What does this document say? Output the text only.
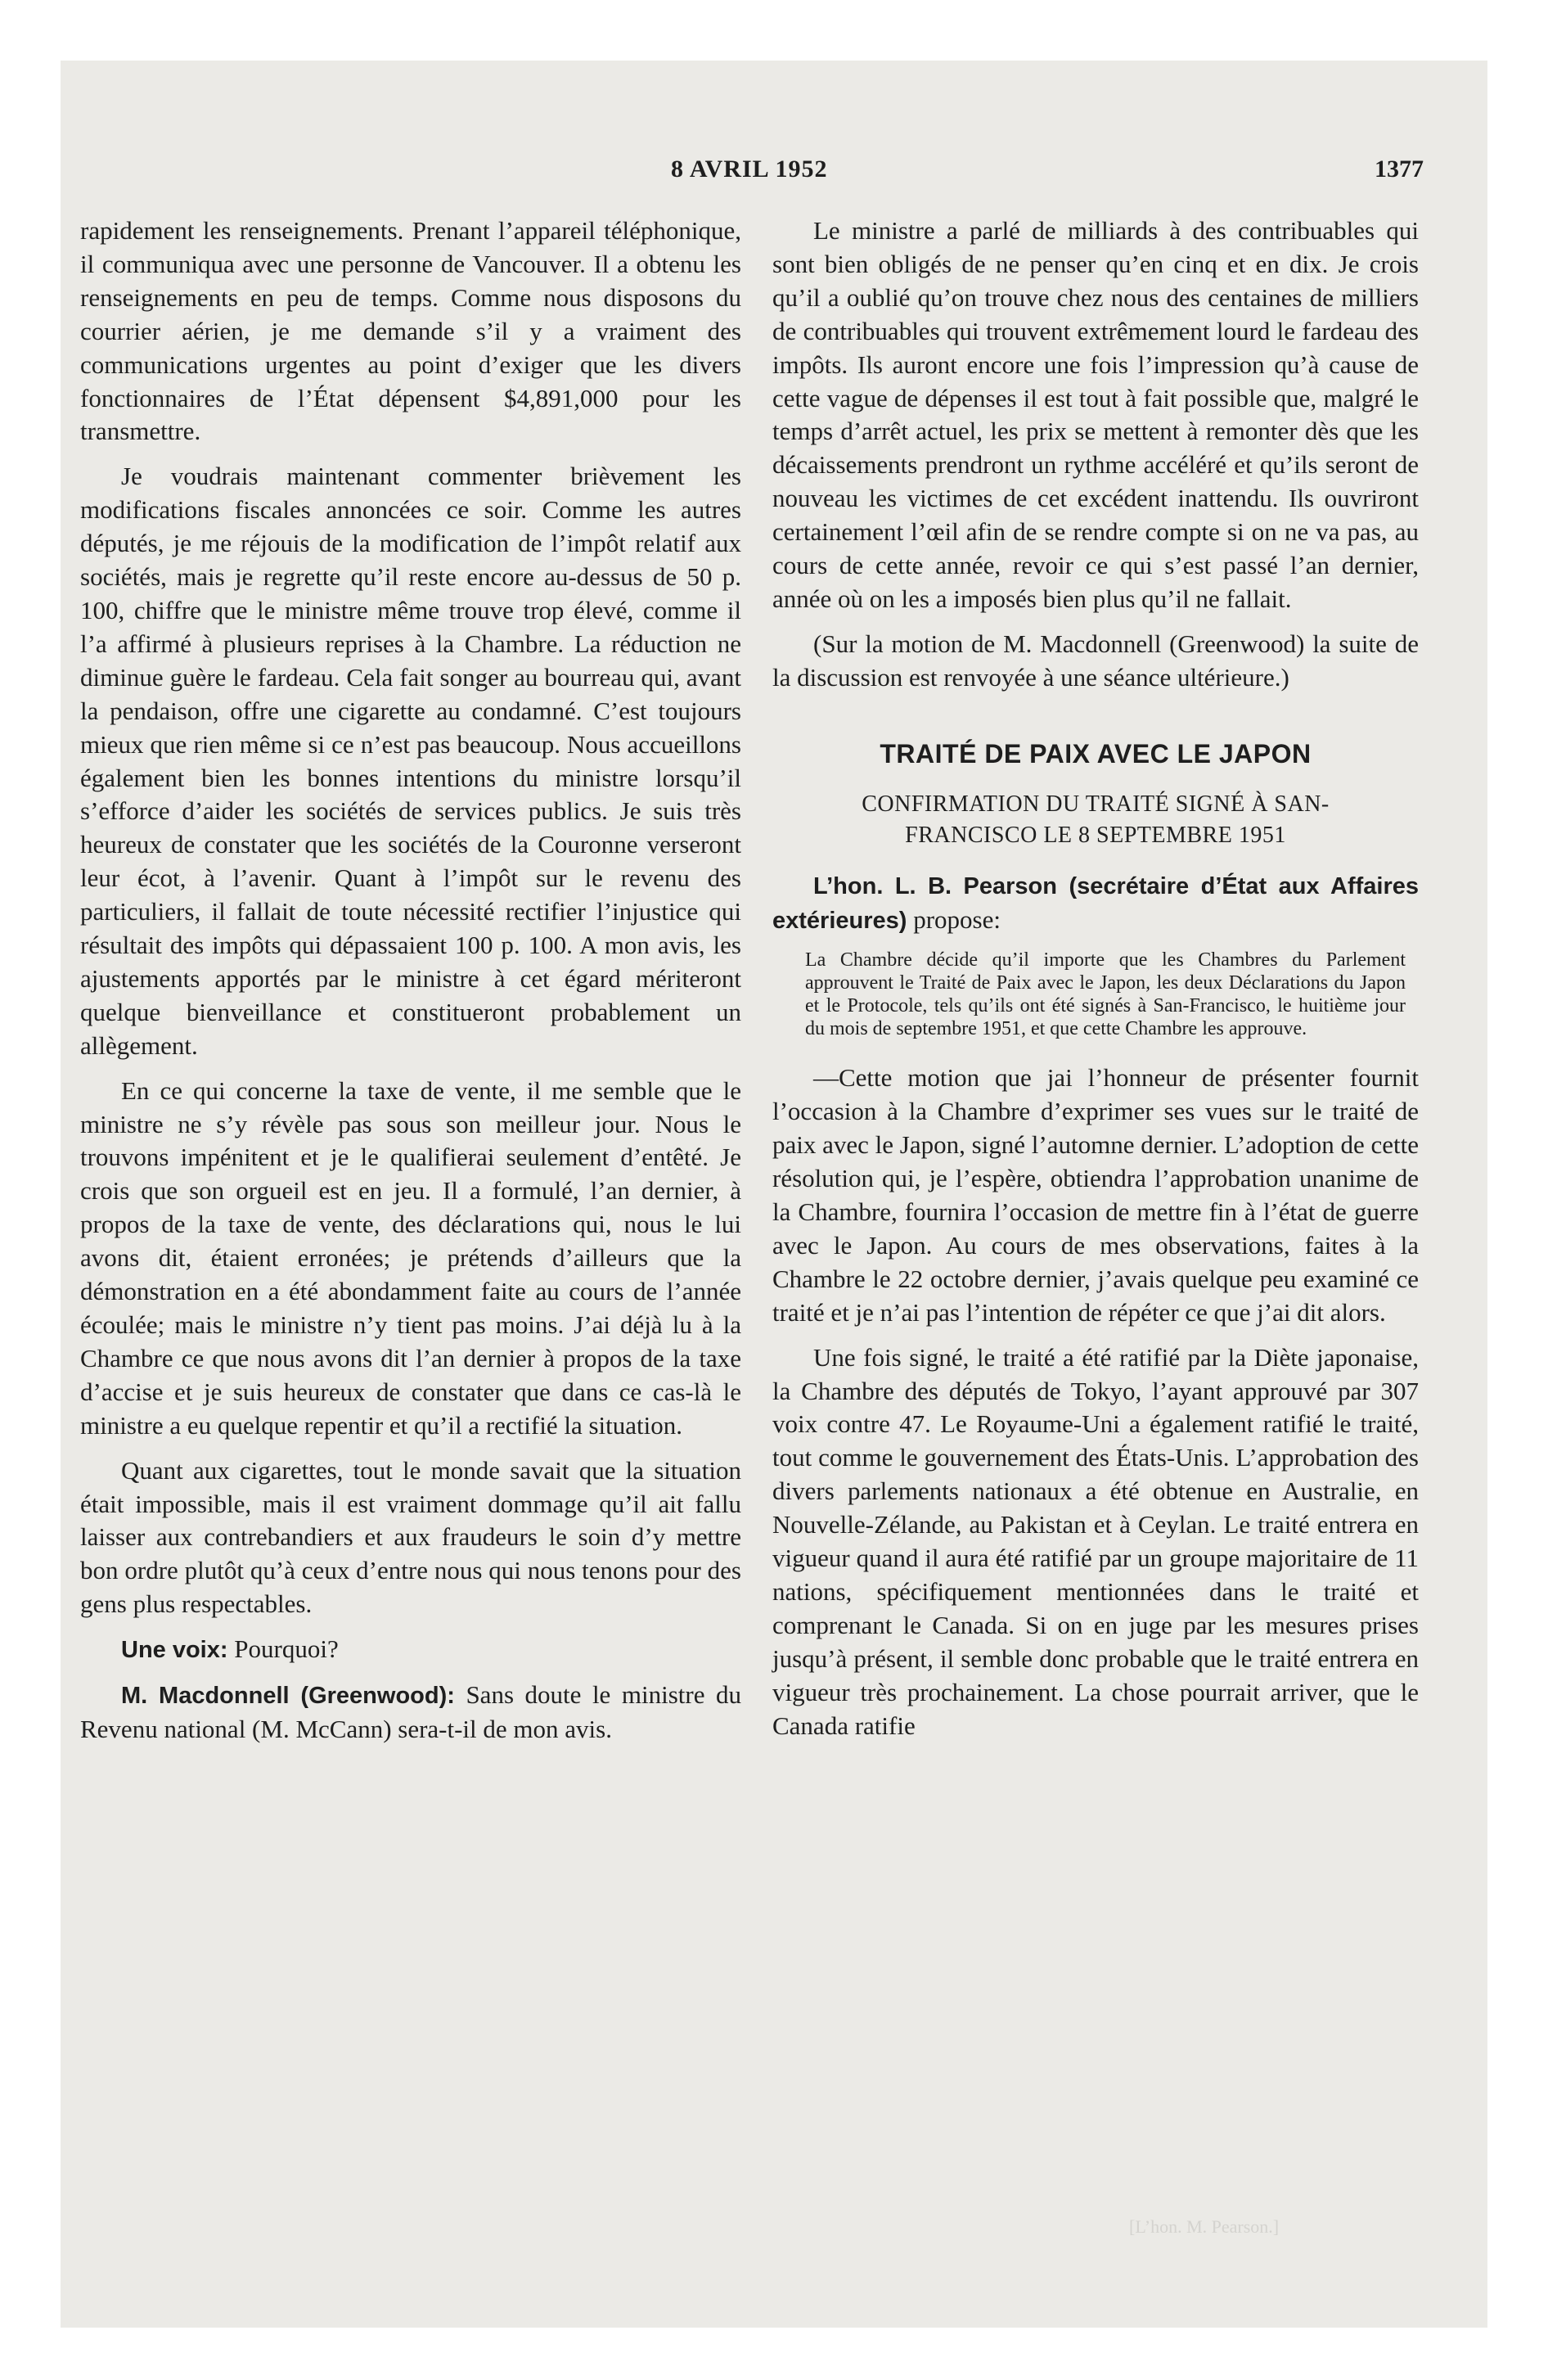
8 AVRIL 1952	1377

rapidement les renseignements. Prenant l’appareil téléphonique, il communiqua avec une personne de Vancouver. Il a obtenu les renseignements en peu de temps. Comme nous disposons du courrier aérien, je me demande s’il y a vraiment des communications urgentes au point d’exiger que les divers fonctionnaires de l’État dépensent $4,891,000 pour les transmettre.

Je voudrais maintenant commenter brièvement les modifications fiscales annoncées ce soir. Comme les autres députés, je me réjouis de la modification de l’impôt relatif aux sociétés, mais je regrette qu’il reste encore au-dessus de 50 p. 100, chiffre que le ministre même trouve trop élevé, comme il l’a affirmé à plusieurs reprises à la Chambre. La réduction ne diminue guère le fardeau. Cela fait songer au bourreau qui, avant la pendaison, offre une cigarette au condamné. C’est toujours mieux que rien même si ce n’est pas beaucoup. Nous accueillons également bien les bonnes intentions du ministre lorsqu’il s’efforce d’aider les sociétés de services publics. Je suis très heureux de constater que les sociétés de la Couronne verseront leur écot, à l’avenir. Quant à l’impôt sur le revenu des particuliers, il fallait de toute nécessité rectifier l’injustice qui résultait des impôts qui dépassaient 100 p. 100. A mon avis, les ajustements apportés par le ministre à cet égard mériteront quelque bienveillance et constitueront probablement un allègement.

En ce qui concerne la taxe de vente, il me semble que le ministre ne s’y révèle pas sous son meilleur jour. Nous le trouvons impénitent et je le qualifierai seulement d’entêté. Je crois que son orgueil est en jeu. Il a formulé, l’an dernier, à propos de la taxe de vente, des déclarations qui, nous le lui avons dit, étaient erronées; je prétends d’ailleurs que la démonstration en a été abondamment faite au cours de l’année écoulée; mais le ministre n’y tient pas moins. J’ai déjà lu à la Chambre ce que nous avons dit l’an dernier à propos de la taxe d’accise et je suis heureux de constater que dans ce cas-là le ministre a eu quelque repentir et qu’il a rectifié la situation.

Quant aux cigarettes, tout le monde savait que la situation était impossible, mais il est vraiment dommage qu’il ait fallu laisser aux contrebandiers et aux fraudeurs le soin d’y mettre bon ordre plutôt qu’à ceux d’entre nous qui nous tenons pour des gens plus respectables.

Une voix: Pourquoi?

M. Macdonnell (Greenwood): Sans doute le ministre du Revenu national (M. McCann) sera-t-il de mon avis.

Le ministre a parlé de milliards à des contribuables qui sont bien obligés de ne penser qu’en cinq et en dix. Je crois qu’il a oublié qu’on trouve chez nous des centaines de milliers de contribuables qui trouvent extrêmement lourd le fardeau des impôts. Ils auront encore une fois l’impression qu’à cause de cette vague de dépenses il est tout à fait possible que, malgré le temps d’arrêt actuel, les prix se mettent à remonter dès que les décaissements prendront un rythme accéléré et qu’ils seront de nouveau les victimes de cet excédent inattendu. Ils ouvriront certainement l’œil afin de se rendre compte si on ne va pas, au cours de cette année, revoir ce qui s’est passé l’an dernier, année où on les a imposés bien plus qu’il ne fallait.

(Sur la motion de M. Macdonnell (Greenwood) la suite de la discussion est renvoyée à une séance ultérieure.)

TRAITÉ DE PAIX AVEC LE JAPON
CONFIRMATION DU TRAITÉ SIGNÉ À SAN-FRANCISCO LE 8 SEPTEMBRE 1951

L’hon. L. B. Pearson (secrétaire d’État aux Affaires extérieures) propose:

La Chambre décide qu’il importe que les Chambres du Parlement approuvent le Traité de Paix avec le Japon, les deux Déclarations du Japon et le Protocole, tels qu’ils ont été signés à San-Francisco, le huitième jour du mois de septembre 1951, et que cette Chambre les approuve.

—Cette motion que jai l’honneur de présenter fournit l’occasion à la Chambre d’exprimer ses vues sur le traité de paix avec le Japon, signé l’automne dernier. L’adoption de cette résolution qui, je l’espère, obtiendra l’approbation unanime de la Chambre, fournira l’occasion de mettre fin à l’état de guerre avec le Japon. Au cours de mes observations, faites à la Chambre le 22 octobre dernier, j’avais quelque peu examiné ce traité et je n’ai pas l’intention de répéter ce que j’ai dit alors.

Une fois signé, le traité a été ratifié par la Diète japonaise, la Chambre des députés de Tokyo, l’ayant approuvé par 307 voix contre 47. Le Royaume-Uni a également ratifié le traité, tout comme le gouvernement des États-Unis. L’approbation des divers parlements nationaux a été obtenue en Australie, en Nouvelle-Zélande, au Pakistan et à Ceylan. Le traité entrera en vigueur quand il aura été ratifié par un groupe majoritaire de 11 nations, spécifiquement mentionnées dans le traité et comprenant le Canada. Si on en juge par les mesures prises jusqu’à présent, il semble donc probable que le traité entrera en vigueur très prochainement. La chose pourrait arriver, que le Canada ratifie

[L’hon. M. Pearson.]
